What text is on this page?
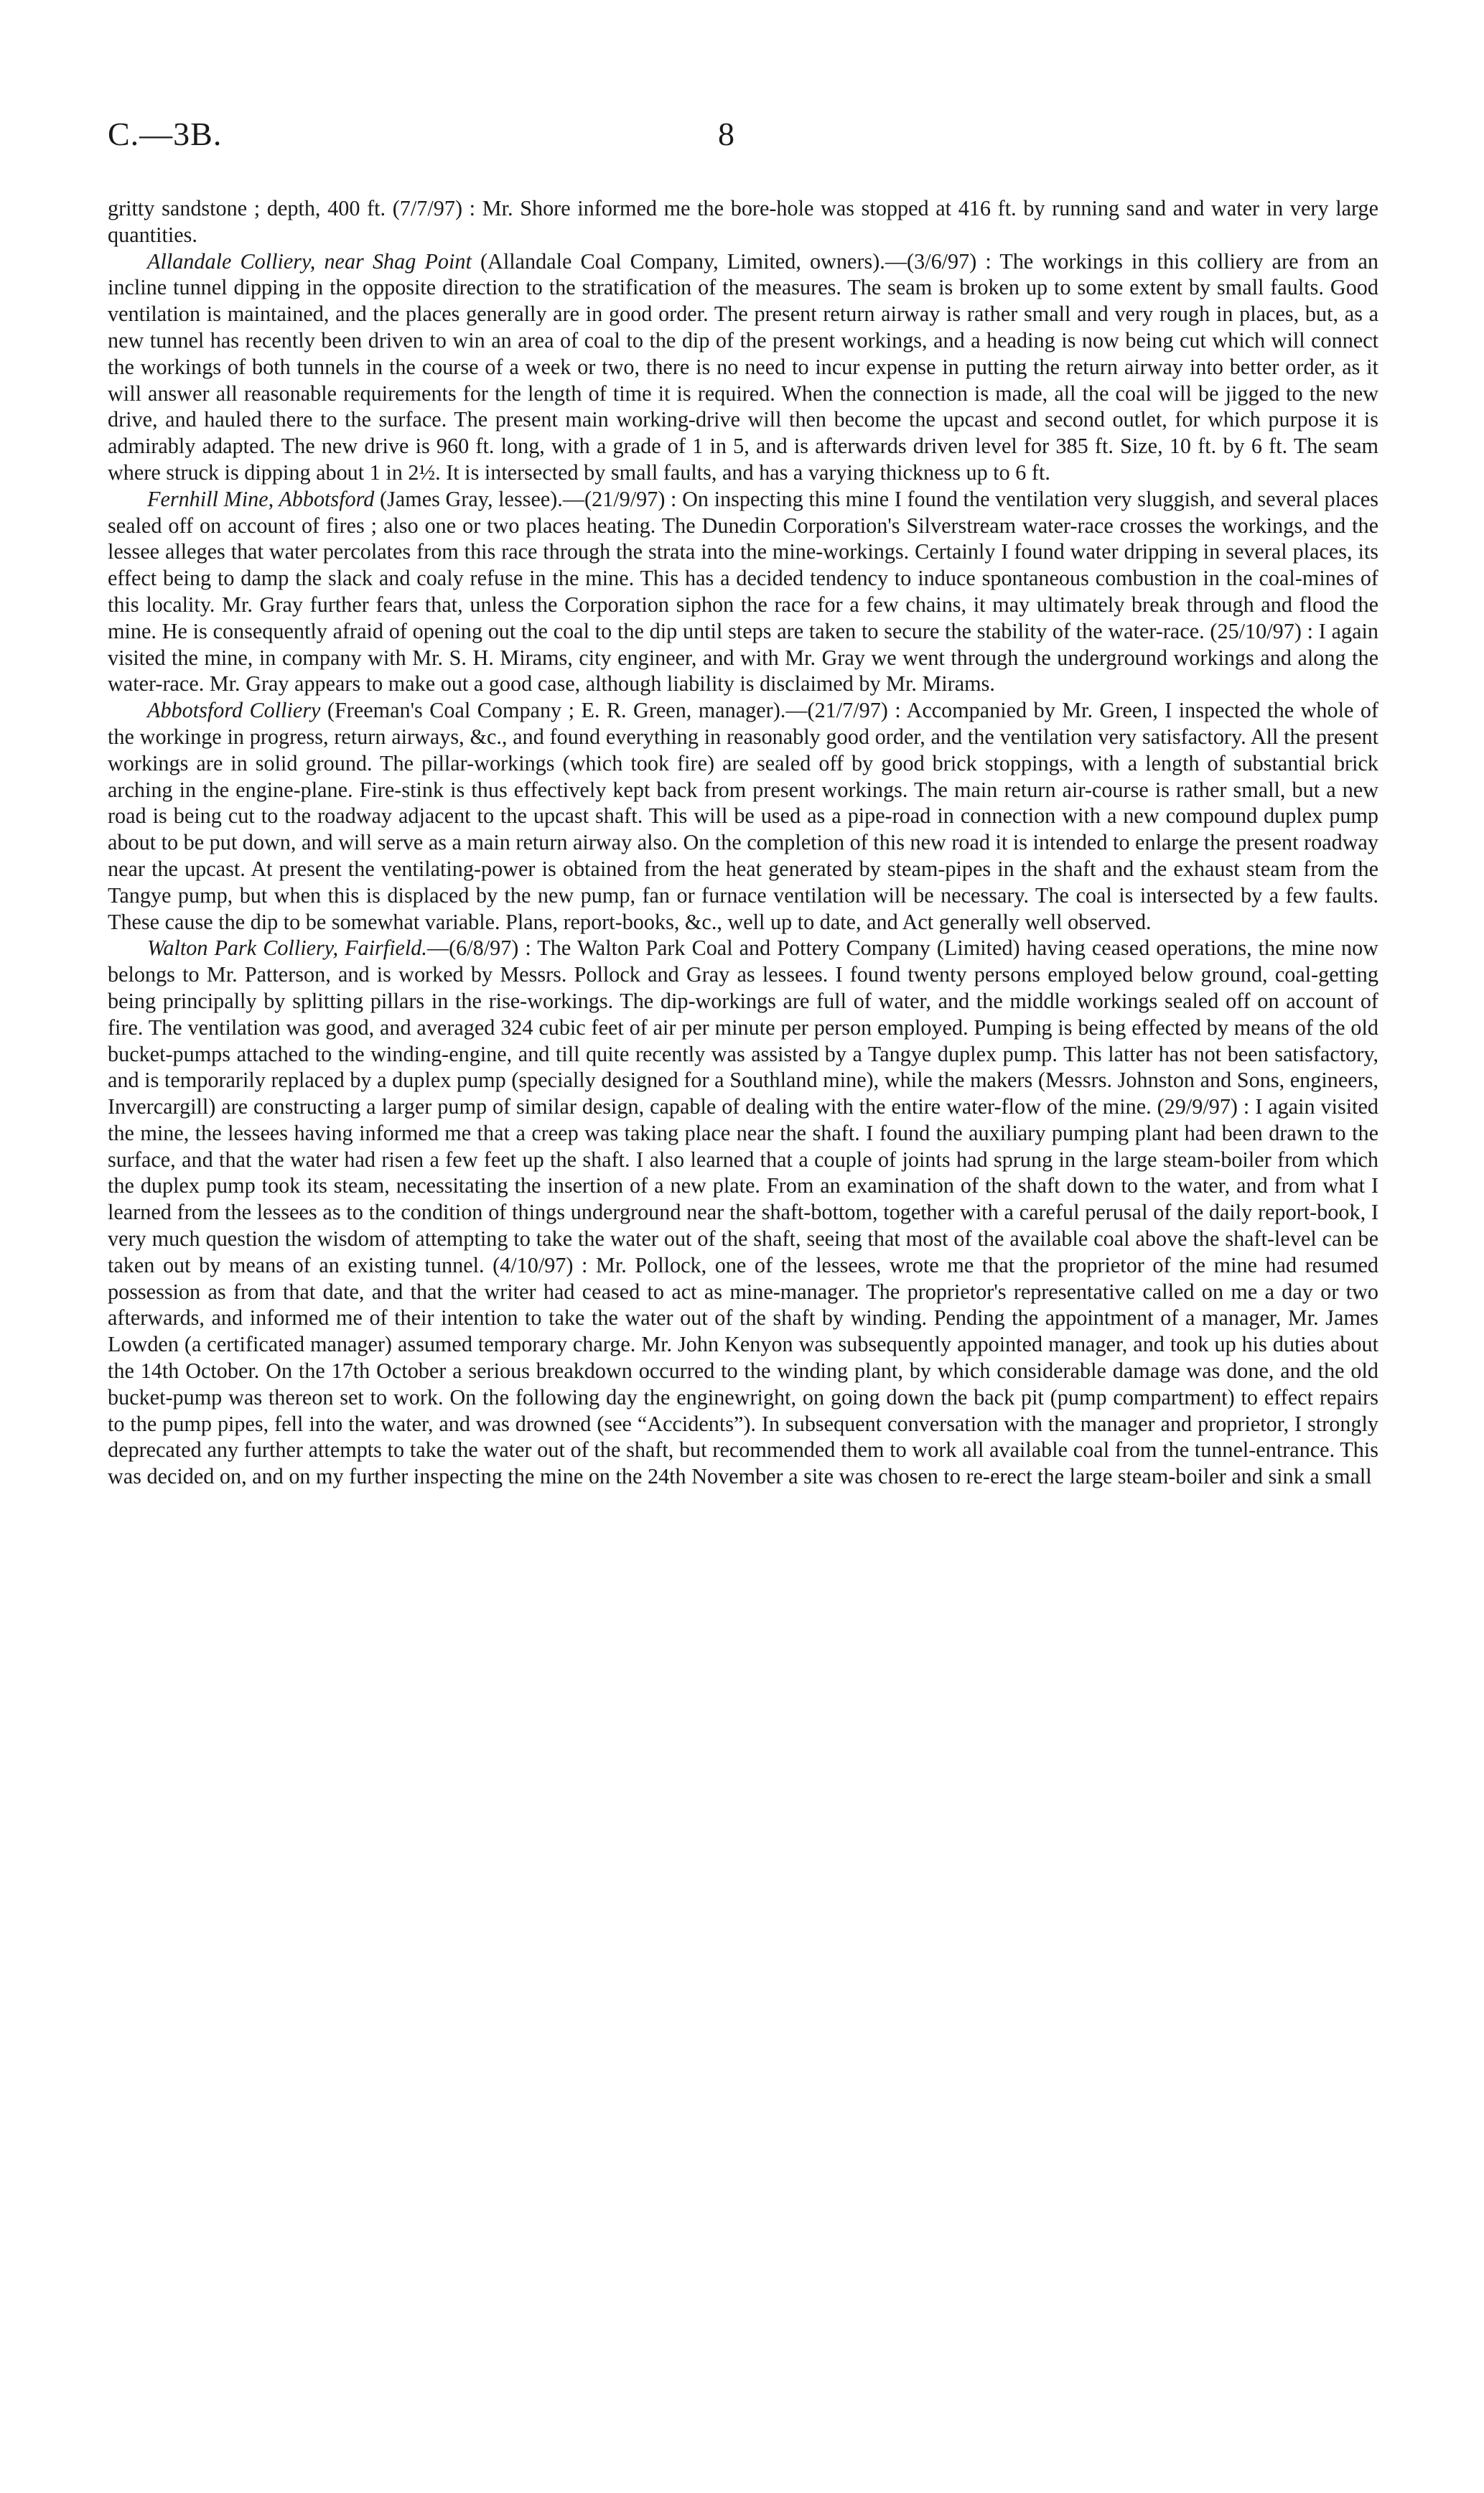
C.—3B.	8

gritty sandstone ; depth, 400 ft. (7/7/97) : Mr. Shore informed me the bore-hole was stopped at 416 ft. by running sand and water in very large quantities.

Allandale Colliery, near Shag Point (Allandale Coal Company, Limited, owners).—(3/6/97) : The workings in this colliery are from an incline tunnel dipping in the opposite direction to the stratification of the measures. The seam is broken up to some extent by small faults. Good ventilation is maintained, and the places generally are in good order. The present return airway is rather small and very rough in places, but, as a new tunnel has recently been driven to win an area of coal to the dip of the present workings, and a heading is now being cut which will connect the workings of both tunnels in the course of a week or two, there is no need to incur expense in putting the return airway into better order, as it will answer all reasonable requirements for the length of time it is required. When the connection is made, all the coal will be jigged to the new drive, and hauled there to the surface. The present main working-drive will then become the upcast and second outlet, for which purpose it is admirably adapted. The new drive is 960 ft. long, with a grade of 1 in 5, and is afterwards driven level for 385 ft. Size, 10 ft. by 6 ft. The seam where struck is dipping about 1 in 2½. It is intersected by small faults, and has a varying thickness up to 6 ft.

Fernhill Mine, Abbotsford (James Gray, lessee).—(21/9/97) : On inspecting this mine I found the ventilation very sluggish, and several places sealed off on account of fires ; also one or two places heating. The Dunedin Corporation's Silverstream water-race crosses the workings, and the lessee alleges that water percolates from this race through the strata into the mine-workings. Certainly I found water dripping in several places, its effect being to damp the slack and coaly refuse in the mine. This has a decided tendency to induce spontaneous combustion in the coal-mines of this locality. Mr. Gray further fears that, unless the Corporation siphon the race for a few chains, it may ultimately break through and flood the mine. He is consequently afraid of opening out the coal to the dip until steps are taken to secure the stability of the water-race. (25/10/97) : I again visited the mine, in company with Mr. S. H. Mirams, city engineer, and with Mr. Gray we went through the underground workings and along the water-race. Mr. Gray appears to make out a good case, although liability is disclaimed by Mr. Mirams.

Abbotsford Colliery (Freeman's Coal Company ; E. R. Green, manager).—(21/7/97) : Accompanied by Mr. Green, I inspected the whole of the workinge in progress, return airways, &c., and found everything in reasonably good order, and the ventilation very satisfactory. All the present workings are in solid ground. The pillar-workings (which took fire) are sealed off by good brick stoppings, with a length of substantial brick arching in the engine-plane. Fire-stink is thus effectively kept back from present workings. The main return air-course is rather small, but a new road is being cut to the roadway adjacent to the upcast shaft. This will be used as a pipe-road in connection with a new compound duplex pump about to be put down, and will serve as a main return airway also. On the completion of this new road it is intended to enlarge the present roadway near the upcast. At present the ventilating-power is obtained from the heat generated by steam-pipes in the shaft and the exhaust steam from the Tangye pump, but when this is displaced by the new pump, fan or furnace ventilation will be necessary. The coal is intersected by a few faults. These cause the dip to be somewhat variable. Plans, report-books, &c., well up to date, and Act generally well observed.

Walton Park Colliery, Fairfield.—(6/8/97) : The Walton Park Coal and Pottery Company (Limited) having ceased operations, the mine now belongs to Mr. Patterson, and is worked by Messrs. Pollock and Gray as lessees. I found twenty persons employed below ground, coal-getting being principally by splitting pillars in the rise-workings. The dip-workings are full of water, and the middle workings sealed off on account of fire. The ventilation was good, and averaged 324 cubic feet of air per minute per person employed. Pumping is being effected by means of the old bucket-pumps attached to the winding-engine, and till quite recently was assisted by a Tangye duplex pump. This latter has not been satisfactory, and is temporarily replaced by a duplex pump (specially designed for a Southland mine), while the makers (Messrs. Johnston and Sons, engineers, Invercargill) are constructing a larger pump of similar design, capable of dealing with the entire water-flow of the mine. (29/9/97) : I again visited the mine, the lessees having informed me that a creep was taking place near the shaft. I found the auxiliary pumping plant had been drawn to the surface, and that the water had risen a few feet up the shaft. I also learned that a couple of joints had sprung in the large steam-boiler from which the duplex pump took its steam, necessitating the insertion of a new plate. From an examination of the shaft down to the water, and from what I learned from the lessees as to the condition of things underground near the shaft-bottom, together with a careful perusal of the daily report-book, I very much question the wisdom of attempting to take the water out of the shaft, seeing that most of the available coal above the shaft-level can be taken out by means of an existing tunnel. (4/10/97) : Mr. Pollock, one of the lessees, wrote me that the proprietor of the mine had resumed possession as from that date, and that the writer had ceased to act as mine-manager. The proprietor's representative called on me a day or two afterwards, and informed me of their intention to take the water out of the shaft by winding. Pending the appointment of a manager, Mr. James Lowden (a certificated manager) assumed temporary charge. Mr. John Kenyon was subsequently appointed manager, and took up his duties about the 14th October. On the 17th October a serious breakdown occurred to the winding plant, by which considerable damage was done, and the old bucket-pump was thereon set to work. On the following day the enginewright, on going down the back pit (pump compartment) to effect repairs to the pump pipes, fell into the water, and was drowned (see “Accidents”). In subsequent conversation with the manager and proprietor, I strongly deprecated any further attempts to take the water out of the shaft, but recommended them to work all available coal from the tunnel-entrance. This was decided on, and on my further inspecting the mine on the 24th November a site was chosen to re-erect the large steam-boiler and sink a small
